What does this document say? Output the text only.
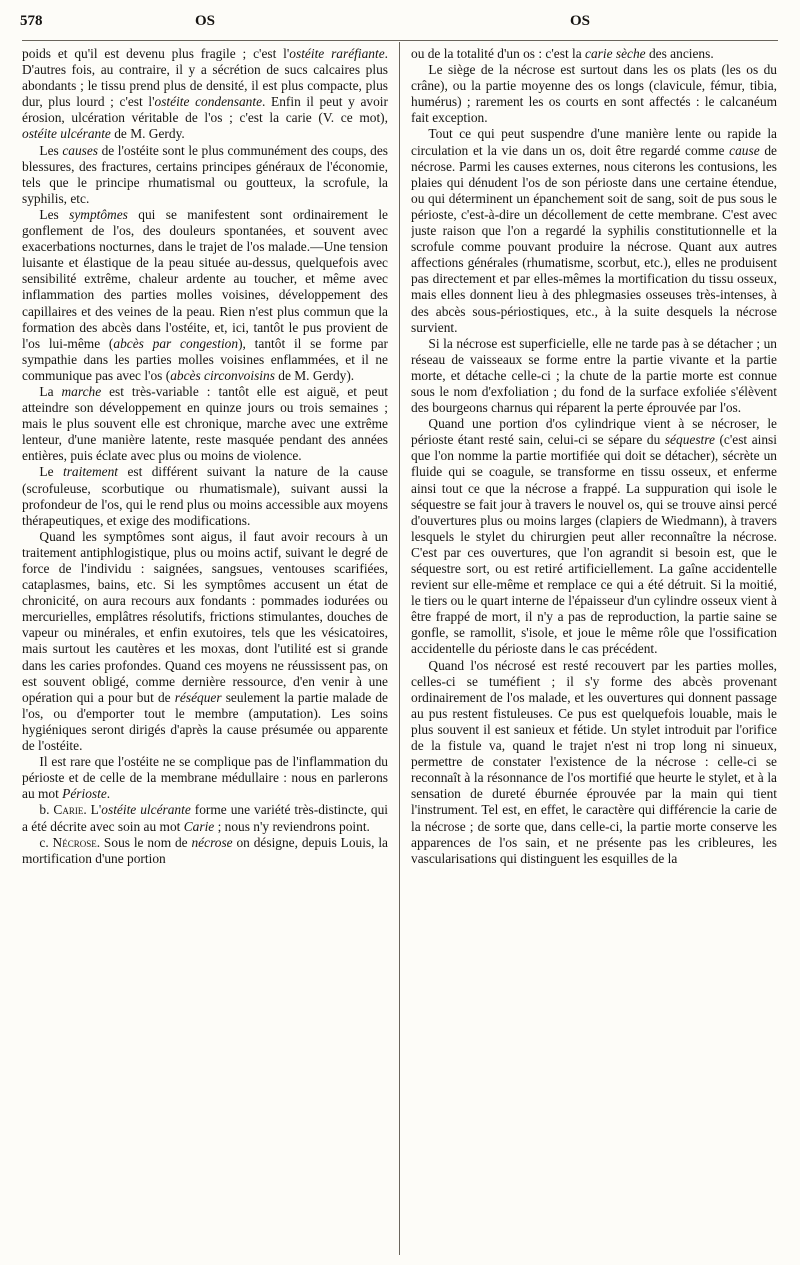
578	OS	OS

poids et qu'il est devenu plus fragile ; c'est l'ostéite raréfiante. D'autres fois, au contraire, il y a sécrétion de sucs calcaires plus abondants ; le tissu prend plus de densité, il est plus compacte, plus dur, plus lourd ; c'est l'ostéite condensante. Enfin il peut y avoir érosion, ulcération véritable de l'os ; c'est la carie (V. ce mot), ostéite ulcérante de M. Gerdy.

Les causes de l'ostéite sont le plus communément des coups, des blessures, des fractures, certains principes généraux de l'économie, tels que le principe rhumatismal ou goutteux, la scrofule, la syphilis, etc.

Les symptômes qui se manifestent sont ordinairement le gonflement de l'os, des douleurs spontanées, et souvent avec exacerbations nocturnes, dans le trajet de l'os malade.—Une tension luisante et élastique de la peau située au-dessus, quelquefois avec sensibilité extrême, chaleur ardente au toucher, et même avec inflammation des parties molles voisines, développement des capillaires et des veines de la peau. Rien n'est plus commun que la formation des abcès dans l'ostéite, et, ici, tantôt le pus provient de l'os lui-même (abcès par congestion), tantôt il se forme par sympathie dans les parties molles voisines enflammées, et il ne communique pas avec l'os (abcès circonvoisins de M. Gerdy).

La marche est très-variable : tantôt elle est aiguë, et peut atteindre son développement en quinze jours ou trois semaines ; mais le plus souvent elle est chronique, marche avec une extrême lenteur, d'une manière latente, reste masquée pendant des années entières, puis éclate avec plus ou moins de violence.

Le traitement est différent suivant la nature de la cause (scrofuleuse, scorbutique ou rhumatismale), suivant aussi la profondeur de l'os, qui le rend plus ou moins accessible aux moyens thérapeutiques, et exige des modifications.

Quand les symptômes sont aigus, il faut avoir recours à un traitement antiphlogistique, plus ou moins actif, suivant le degré de force de l'individu : saignées, sangsues, ventouses scarifiées, cataplasmes, bains, etc. Si les symptômes accusent un état de chronicité, on aura recours aux fondants : pommades iodurées ou mercurielles, emplâtres résolutifs, frictions stimulantes, douches de vapeur ou minérales, et enfin exutoires, tels que les vésicatoires, mais surtout les cautères et les moxas, dont l'utilité est si grande dans les caries profondes. Quand ces moyens ne réussissent pas, on est souvent obligé, comme dernière ressource, d'en venir à une opération qui a pour but de réséquer seulement la partie malade de l'os, ou d'emporter tout le membre (amputation). Les soins hygiéniques seront dirigés d'après la cause présumée ou apparente de l'ostéite.

Il est rare que l'ostéite ne se complique pas de l'inflammation du périoste et de celle de la membrane médullaire : nous en parlerons au mot Périoste.

b. Carie. L'ostéite ulcérante forme une variété très-distincte, qui a été décrite avec soin au mot Carie ; nous n'y reviendrons point.

c. Nécrose. Sous le nom de nécrose on désigne, depuis Louis, la mortification d'une portion

ou de la totalité d'un os : c'est la carie sèche des anciens.

Le siège de la nécrose est surtout dans les os plats (les os du crâne), ou la partie moyenne des os longs (clavicule, fémur, tibia, humérus) ; rarement les os courts en sont affectés : le calcanéum fait exception.

Tout ce qui peut suspendre d'une manière lente ou rapide la circulation et la vie dans un os, doit être regardé comme cause de nécrose. Parmi les causes externes, nous citerons les contusions, les plaies qui dénudent l'os de son périoste dans une certaine étendue, ou qui déterminent un épanchement soit de sang, soit de pus sous le périoste, c'est-à-dire un décollement de cette membrane. C'est avec juste raison que l'on a regardé la syphilis constitutionnelle et la scrofule comme pouvant produire la nécrose. Quant aux autres affections générales (rhumatisme, scorbut, etc.), elles ne produisent pas directement et par elles-mêmes la mortification du tissu osseux, mais elles donnent lieu à des phlegmasies osseuses très-intenses, à des abcès sous-périostiques, etc., à la suite desquels la nécrose survient.

Si la nécrose est superficielle, elle ne tarde pas à se détacher ; un réseau de vaisseaux se forme entre la partie vivante et la partie morte, et détache celle-ci ; la chute de la partie morte est connue sous le nom d'exfoliation ; du fond de la surface exfoliée s'élèvent des bourgeons charnus qui réparent la perte éprouvée par l'os.

Quand une portion d'os cylindrique vient à se nécroser, le périoste étant resté sain, celui-ci se sépare du séquestre (c'est ainsi que l'on nomme la partie mortifiée qui doit se détacher), sécrète un fluide qui se coagule, se transforme en tissu osseux, et enferme ainsi tout ce que la nécrose a frappé. La suppuration qui isole le séquestre se fait jour à travers le nouvel os, qui se trouve ainsi percé d'ouvertures plus ou moins larges (clapiers de Wiedmann), à travers lesquels le stylet du chirurgien peut aller reconnaître la nécrose. C'est par ces ouvertures, que l'on agrandit si besoin est, que le séquestre sort, ou est retiré artificiellement. La gaîne accidentelle revient sur elle-même et remplace ce qui a été détruit. Si la moitié, le tiers ou le quart interne de l'épaisseur d'un cylindre osseux vient à être frappé de mort, il n'y a pas de reproduction, la partie saine se gonfle, se ramollit, s'isole, et joue le même rôle que l'ossification accidentelle du périoste dans le cas précédent.

Quand l'os nécrosé est resté recouvert par les parties molles, celles-ci se tuméfient ; il s'y forme des abcès provenant ordinairement de l'os malade, et les ouvertures qui donnent passage au pus restent fistuleuses. Ce pus est quelquefois louable, mais le plus souvent il est sanieux et fétide. Un stylet introduit par l'orifice de la fistule va, quand le trajet n'est ni trop long ni sinueux, permettre de constater l'existence de la nécrose : celle-ci se reconnaît à la résonnance de l'os mortifié que heurte le stylet, et à la sensation de dureté éburnée éprouvée par la main qui tient l'instrument. Tel est, en effet, le caractère qui différencie la carie de la nécrose ; de sorte que, dans celle-ci, la partie morte conserve les apparences de l'os sain, et ne présente pas les cribleures, les vascularisations qui distinguent les esquilles de la
